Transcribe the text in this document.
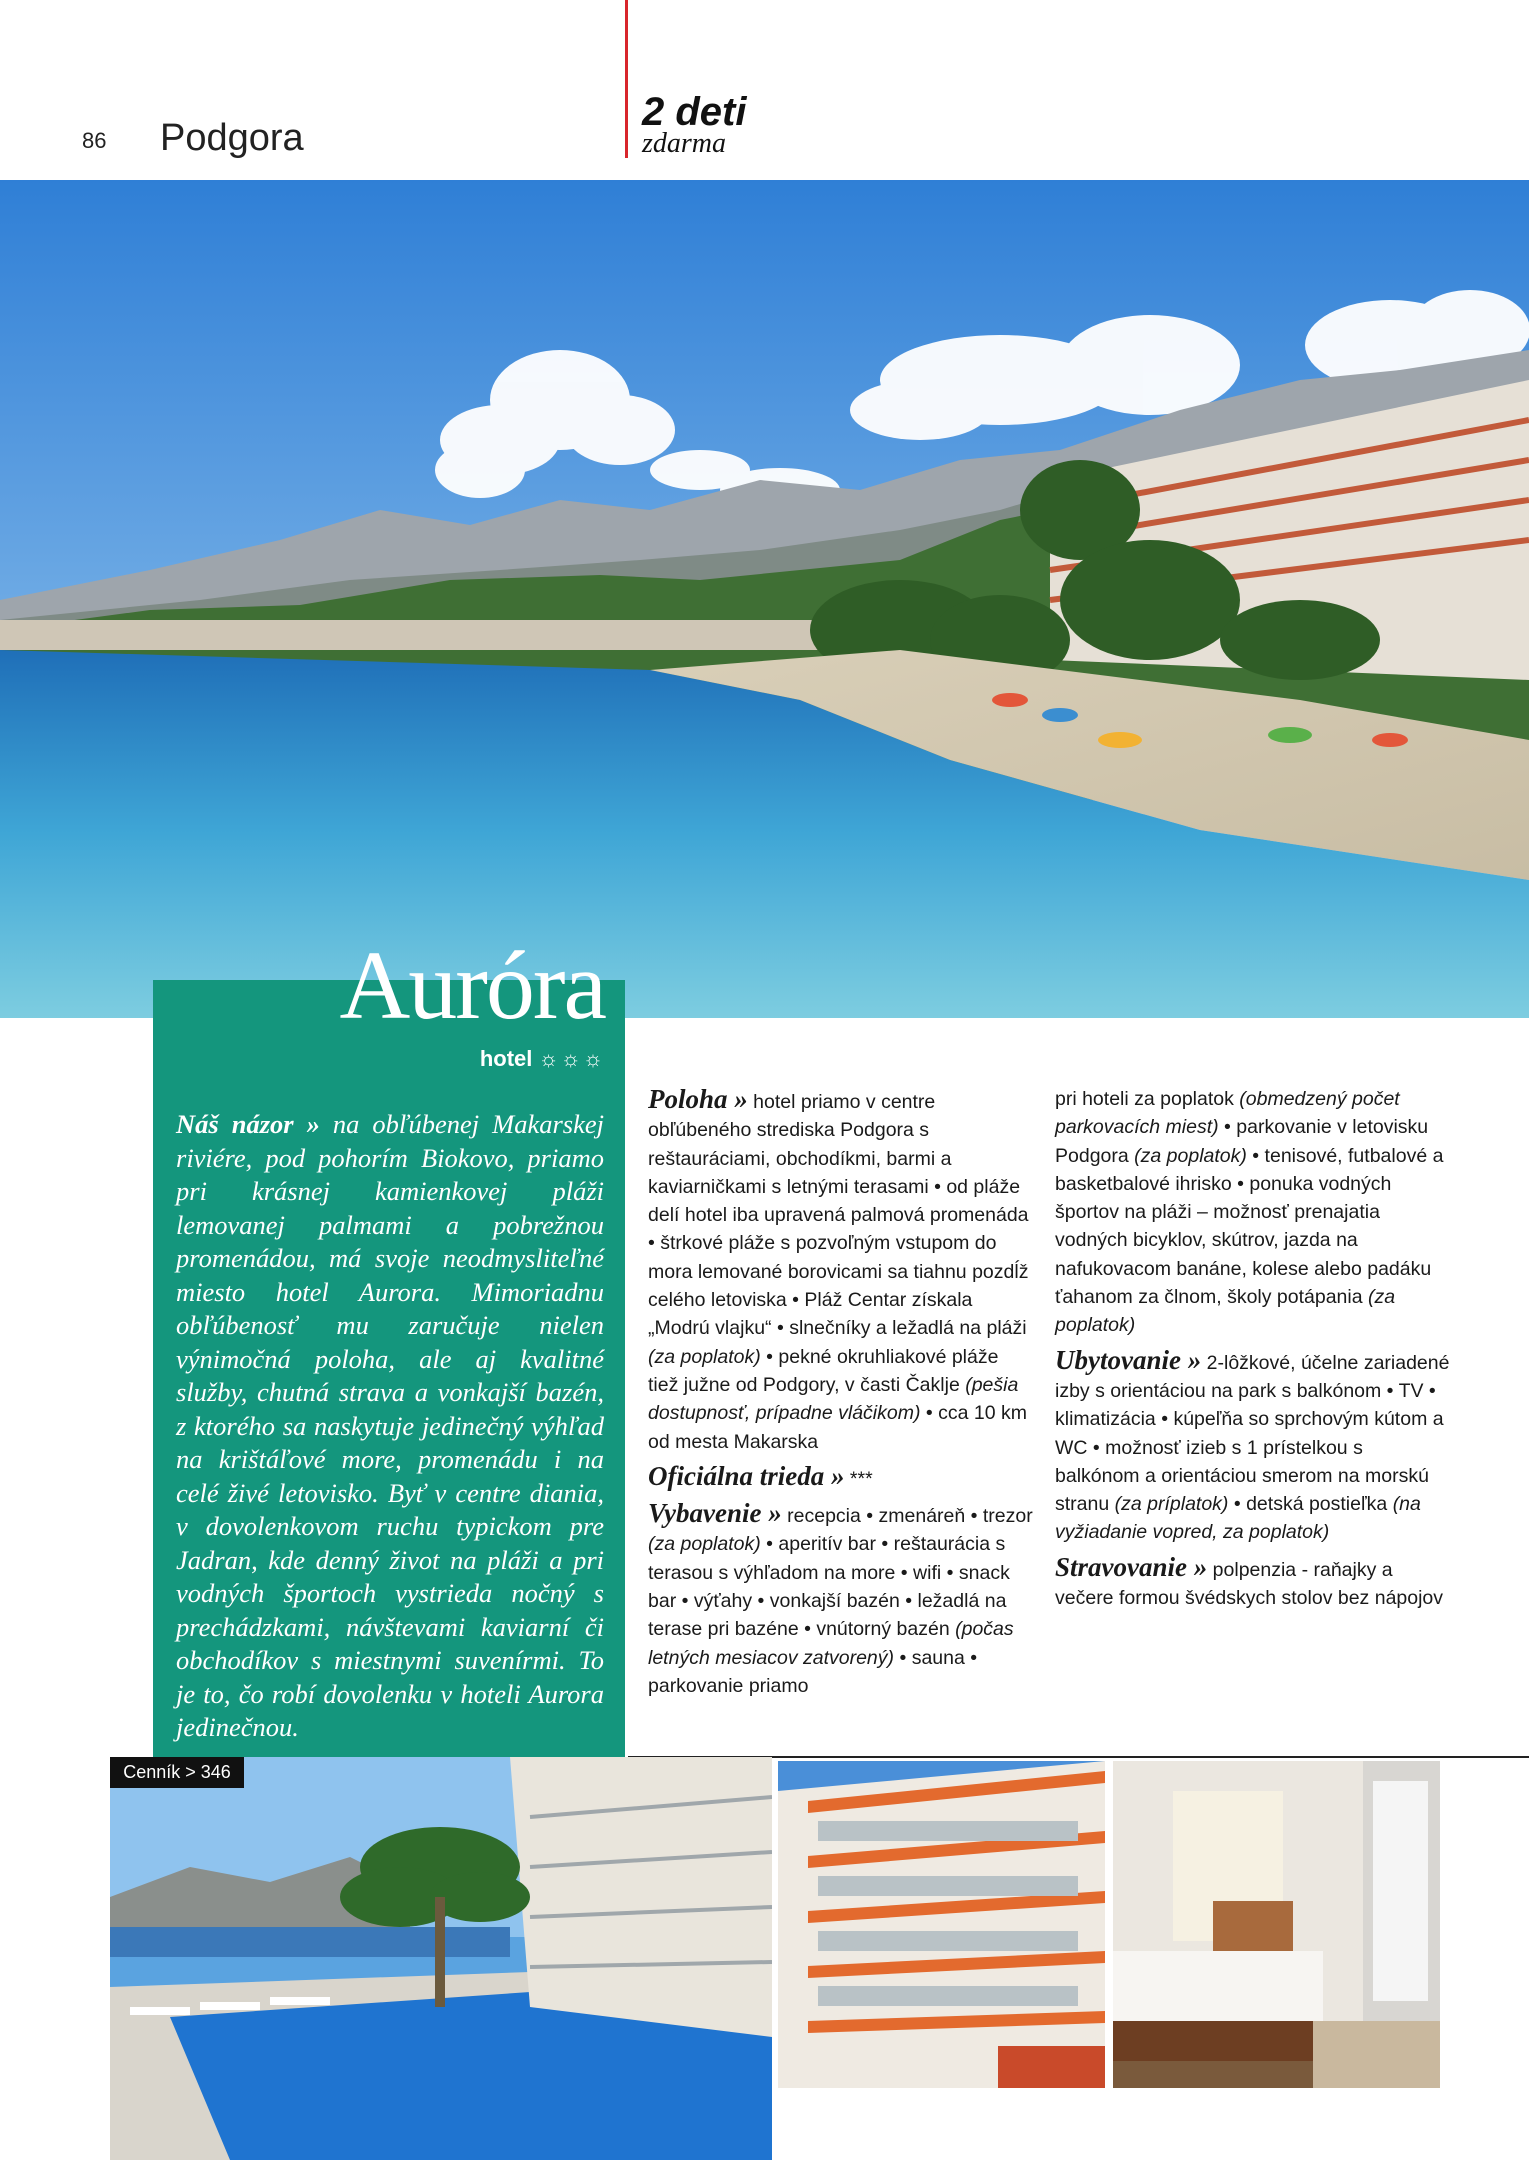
86 Podgora
2 deti
zdarma
Auróra
hotel ☼☼☼
Náš názor » na obľúbenej Makarskej riviére, pod pohorím Biokovo, priamo pri krásnej kamienkovej pláži lemovanej palmami a pobrežnou promenádou, má svoje neodmysliteľné miesto hotel Aurora. Mimoriadnu obľúbenosť mu zaručuje nielen výnimočná poloha, ale aj kvalitné služby, chutná strava a vonkajší bazén, z ktorého sa naskytuje jedinečný výhľad na krištáľové more, promenádu i na celé živé letovisko. Byť v centre diania, v dovolenkovom ruchu typickom pre Jadran, kde denný život na pláži a pri vodných športoch vystrieda nočný s prechádzkami, návštevami kaviarní či obchodíkov s miestnymi suvenírmi. To je to, čo robí dovolenku v hoteli Aurora jedinečnou.

Poloha » hotel priamo v centre obľúbeného strediska Podgora s reštauráciami, obchodíkmi, barmi a kaviarničkami s letnými terasami • od pláže delí hotel iba upravená palmová promenáda • štrkové pláže s pozvoľným vstupom do mora lemované borovicami sa tiahnu pozdĺž celého letoviska • Pláž Centar získala „Modrú vlajku“ • slnečníky a ležadlá na pláži (za poplatok) • pekné okruhliakové pláže tiež južne od Podgory, v časti Čaklje (pešia dostupnosť, prípadne vláčikom) • cca 10 km od mesta Makarska

Oficiálna trieda » ***

Vybavenie » recepcia • zmenáreň • trezor (za poplatok) • aperitív bar • reštaurácia s terasou s výhľadom na more • wifi • snack bar • výťahy • vonkajší bazén • ležadlá na terase pri bazéne • vnútorný bazén (počas letných mesiacov zatvorený) • sauna • parkovanie priamo

pri hoteli za poplatok (obmedzený počet parkovacích miest) • parkovanie v letovisku Podgora (za poplatok) • tenisové, futbalové a basketbalové ihrisko • ponuka vodných športov na pláži – možnosť prenajatia vodných bicyklov, skútrov, jazda na nafukovacom banáne, kolese alebo padáku ťahanom za člnom, školy potápania (za poplatok)

Ubytovanie » 2-lôžkové, účelne zariadené izby s orientáciou na park s balkónom • TV • klimatizácia • kúpeľňa so sprchovým kútom a WC • možnosť izieb s 1 prístelkou s balkónom a orientáciou smerom na morskú stranu (za príplatok) • detská postieľka (na vyžiadanie vopred, za poplatok)

Stravovanie » polpenzia - raňajky a večere formou švédskych stolov bez nápojov

Cenník > 346
